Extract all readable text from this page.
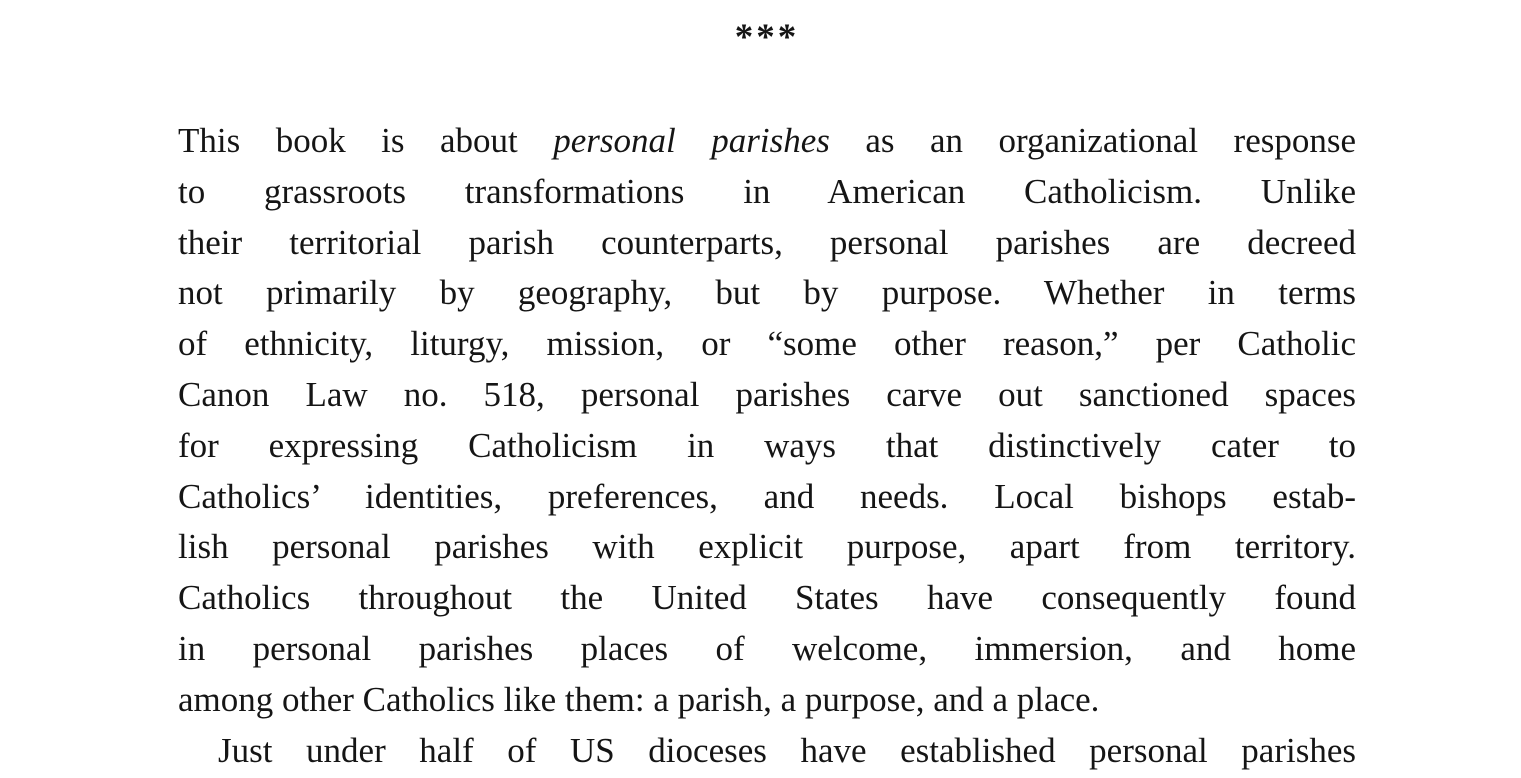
***
This book is about personal parishes as an organizational response
to grassroots transformations in American Catholicism. Unlike
their territorial parish counterparts, personal parishes are decreed
not primarily by geography, but by purpose. Whether in terms
of ethnicity, liturgy, mission, or “some other reason,” per Catholic
Canon Law no. 518, personal parishes carve out sanctioned spaces
for expressing Catholicism in ways that distinctively cater to
Catholics’ identities, preferences, and needs. Local bishops estab-
lish personal parishes with explicit purpose, apart from territory.
Catholics throughout the United States have consequently found
in personal parishes places of welcome, immersion, and home
among other Catholics like them: a parish, a purpose, and a place.
Just under half of US dioceses have established personal parishes
